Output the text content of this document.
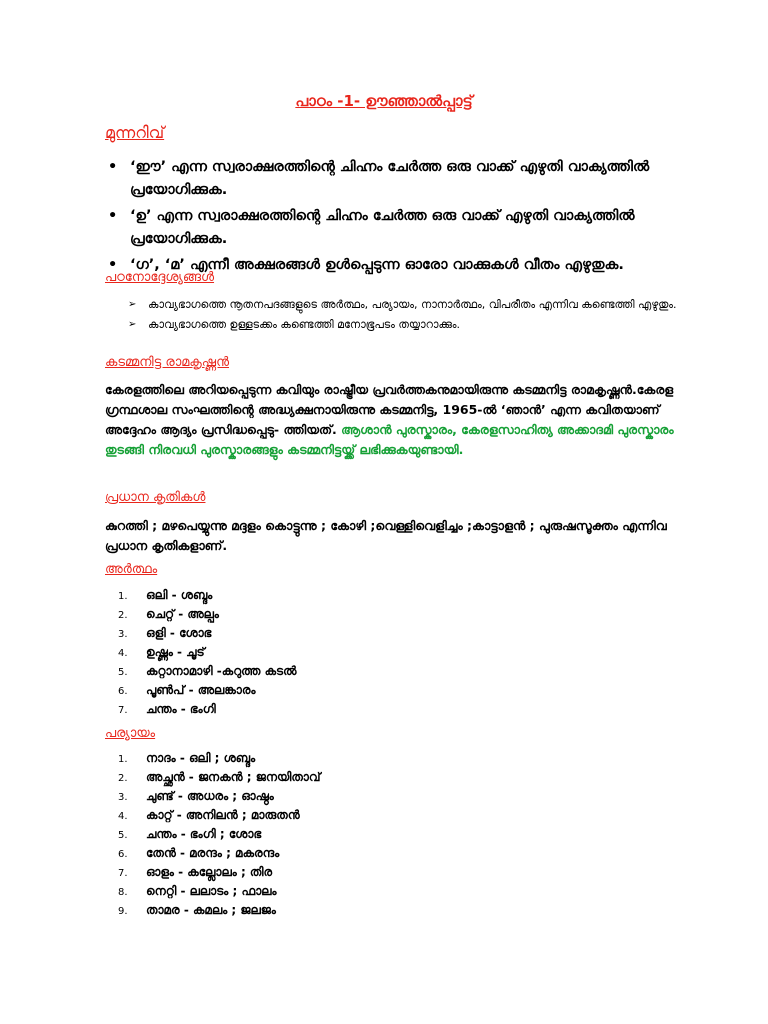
പാഠം -1- ഊഞ്ഞാൽപ്പാട്ട്
മുന്നറിവ്
• ‘ഈ’ എന്ന സ്വരാക്ഷരത്തിന്റെ ചിഹ്നം ചേർത്ത ഒരു വാക്ക് എഴുതി വാക്യത്തിൽ പ്രയോഗിക്കുക.
• ‘ഉ’ എന്ന സ്വരാക്ഷരത്തിന്റെ ചിഹ്നം ചേർത്ത ഒരു വാക്ക് എഴുതി വാക്യത്തിൽ പ്രയോഗിക്കുക.
• ‘ഗ’, ‘മ’ എന്നീ അക്ഷരങ്ങൾ ഉൾപ്പെടുന്ന ഓരോ വാക്കുകൾ വീതം എഴുതുക.
പഠനോദ്ദേശ്യങ്ങൾ
➢ കാവ്യഭാഗത്തെ നൂതനപദങ്ങളുടെ അർത്ഥം, പര്യായം, നാനാർത്ഥം, വിപരീതം എന്നിവ കണ്ടെത്തി എഴുതും.
➢ കാവ്യഭാഗത്തെ ഉള്ളടക്കം കണ്ടെത്തി മനോഭൂപടം തയ്യാറാക്കും.
കടമ്മനിട്ട രാമകൃഷ്ണൻ
കേരളത്തിലെ അറിയപ്പെടുന്ന കവിയും രാഷ്ട്രീയ പ്രവർത്തകനുമായിരുന്നു കടമ്മനിട്ട രാമകൃഷ്ണൻ.കേരള ഗ്രന്ഥശാല സംഘത്തിന്റെ അദ്ധ്യക്ഷനായിരുന്നു കടമ്മനിട്ട, 1965-ൽ ‘ഞാൻ’ എന്ന കവിതയാണ് അദ്ദേഹം ആദ്യം പ്രസിദ്ധപ്പെടു- ത്തിയത്. ആശാൻ പുരസ്കാരം, കേരളസാഹിത്യ അക്കാദമി പുരസ്കാരം തുടങ്ങി നിരവധി പുരസ്കാരങ്ങളും കടമ്മനിട്ടയ്ക്ക് ലഭിക്കുകയുണ്ടായി.
പ്രധാന കൃതികൾ
കുറത്തി ; മഴപെയ്യുന്നു മദ്ദളം കൊട്ടുന്നു ; കോഴി ;വെള്ളിവെളിച്ചം ;കാട്ടാളൻ ; പുരുഷസൂക്തം എന്നിവ പ്രധാന കൃതികളാണ്.
അർത്ഥം
1. ഒലി - ശബ്ദം
2. ചെറ്റ് - അല്പം
3. ഒളി - ശോഭ
4. ഉഷ്ണം - ചൂട്
5. കറ്റാനാമാഴി -കറുത്ത കടൽ
6. പൂൺപ് - അലങ്കാരം
7. ചന്തം - ഭംഗി
പര്യായം
1. നാദം - ഒലി ; ശബ്ദം
2. അച്ഛൻ - ജനകൻ ; ജനയിതാവ്
3. ചുണ്ട് - അധരം ; ഓഷ്ഠം
4. കാറ്റ് - അനിലൻ ; മാരുതൻ
5. ചന്തം - ഭംഗി ; ശോഭ
6. തേൻ - മരന്ദം ; മകരന്ദം
7. ഓളം - കല്ലോലം ; തിര
8. നെറ്റി - ലലാടം ; ഫാലം
9. താമര - കമലം ; ജലജം
